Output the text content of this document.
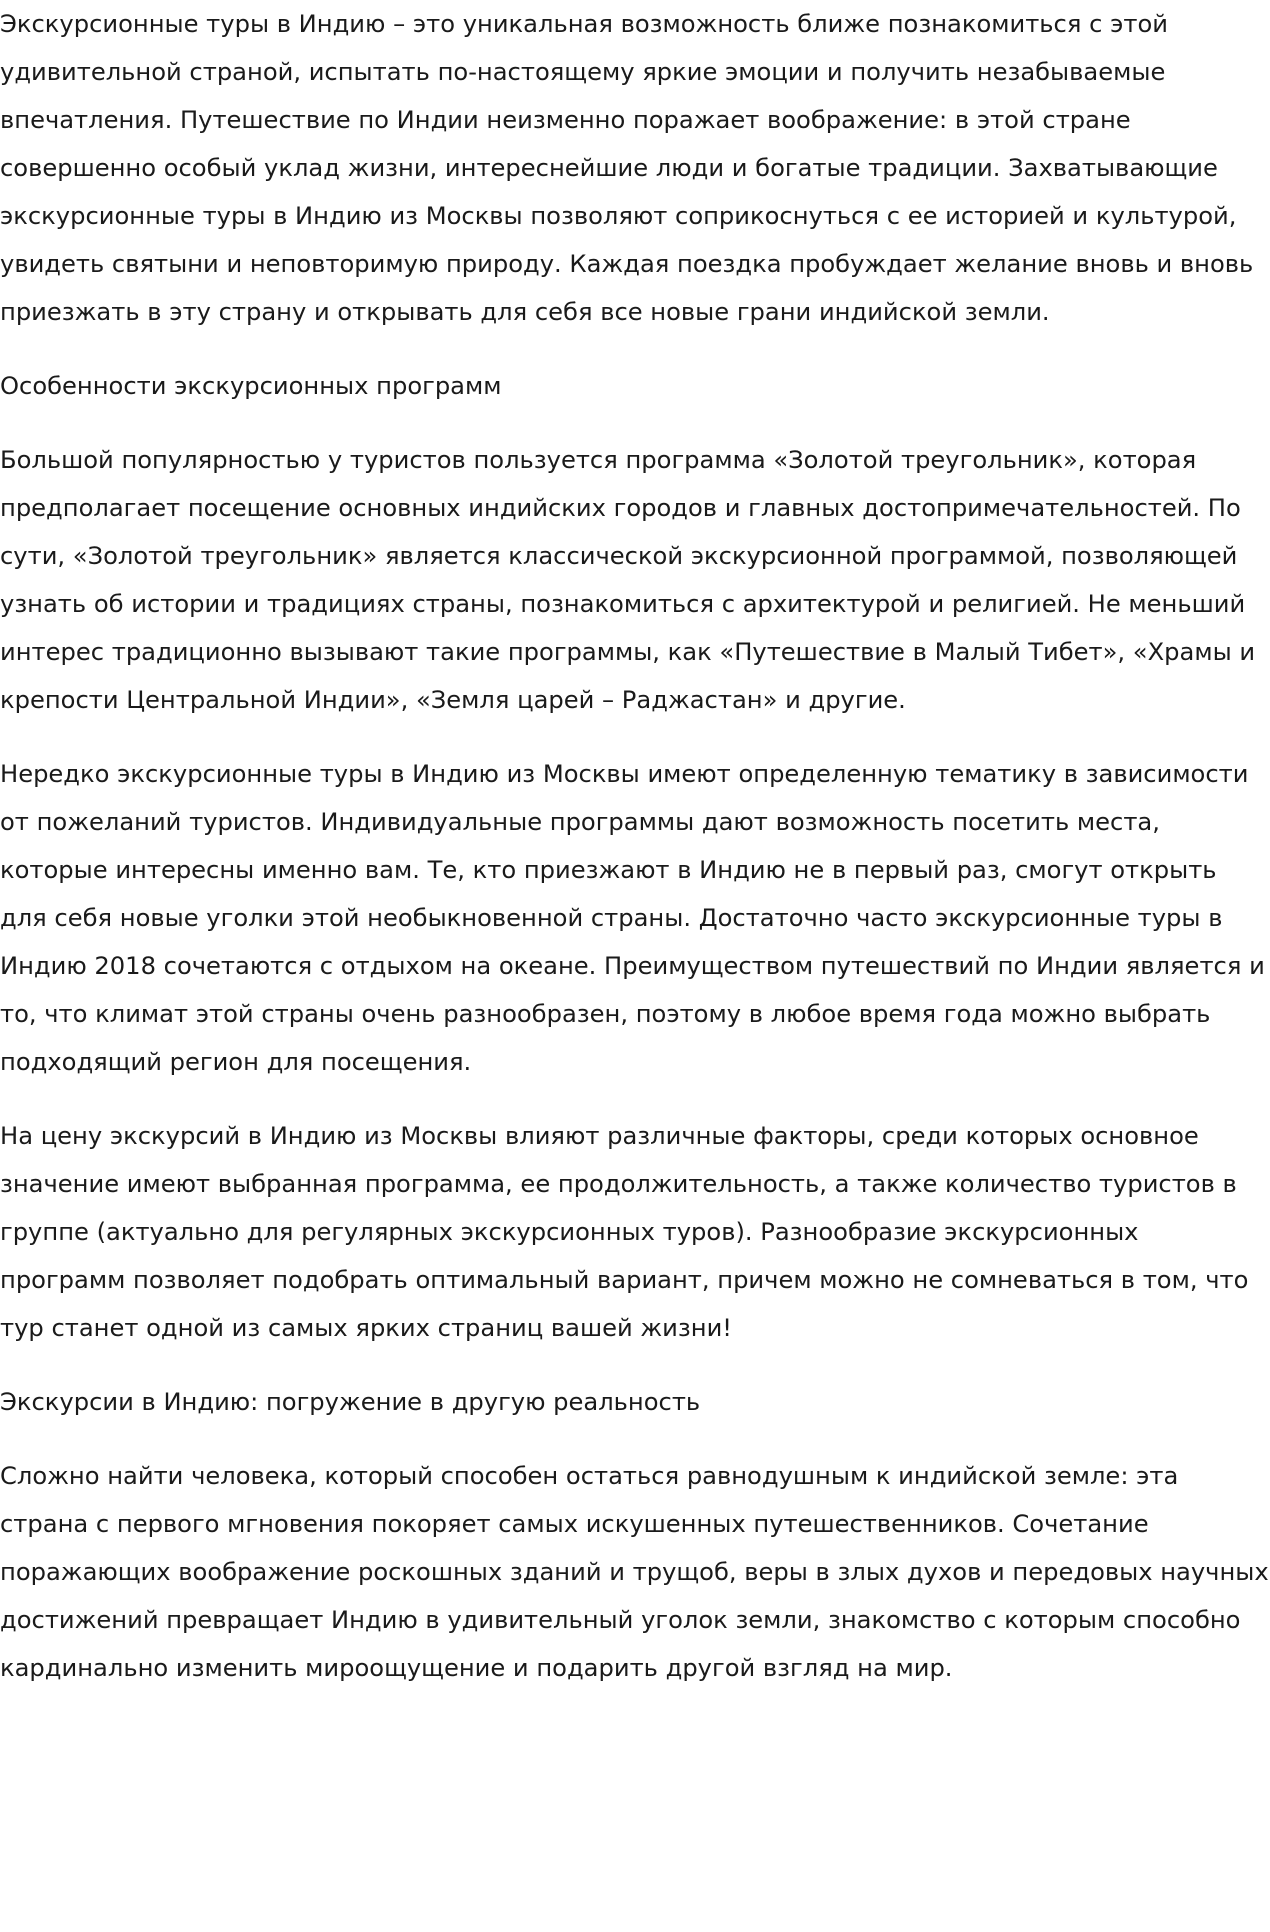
Экскурсионные туры в Индию – это уникальная возможность ближе познакомиться с этой удивительной страной, испытать по-настоящему яркие эмоции и получить незабываемые впечатления. Путешествие по Индии неизменно поражает воображение: в этой стране совершенно особый уклад жизни, интереснейшие люди и богатые традиции. Захватывающие экскурсионные туры в Индию из Москвы позволяют соприкоснуться с ее историей и культурой, увидеть святыни и неповторимую природу. Каждая поездка пробуждает желание вновь и вновь приезжать в эту страну и открывать для себя все новые грани индийской земли.

Особенности экскурсионных программ

Большой популярностью у туристов пользуется программа «Золотой треугольник», которая предполагает посещение основных индийских городов и главных достопримечательностей. По сути, «Золотой треугольник» является классической экскурсионной программой, позволяющей узнать об истории и традициях страны, познакомиться с архитектурой и религией. Не меньший интерес традиционно вызывают такие программы, как «Путешествие в Малый Тибет», «Храмы и крепости Центральной Индии», «Земля царей – Раджастан» и другие.

Нередко экскурсионные туры в Индию из Москвы имеют определенную тематику в зависимости от пожеланий туристов. Индивидуальные программы дают возможность посетить места, которые интересны именно вам. Те, кто приезжают в Индию не в первый раз, смогут открыть для себя новые уголки этой необыкновенной страны. Достаточно часто экскурсионные туры в Индию 2018 сочетаются с отдыхом на океане. Преимуществом путешествий по Индии является и то, что климат этой страны очень разнообразен, поэтому в любое время года можно выбрать подходящий регион для посещения.

На цену экскурсий в Индию из Москвы влияют различные факторы, среди которых основное значение имеют выбранная программа, ее продолжительность, а также количество туристов в группе (актуально для регулярных экскурсионных туров). Разнообразие экскурсионных программ позволяет подобрать оптимальный вариант, причем можно не сомневаться в том, что тур станет одной из самых ярких страниц вашей жизни!

Экскурсии в Индию: погружение в другую реальность

Сложно найти человека, который способен остаться равнодушным к индийской земле: эта страна с первого мгновения покоряет самых искушенных путешественников. Сочетание поражающих воображение роскошных зданий и трущоб, веры в злых духов и передовых научных достижений превращает Индию в удивительный уголок земли, знакомство с которым способно кардинально изменить мироощущение и подарить другой взгляд на мир.
